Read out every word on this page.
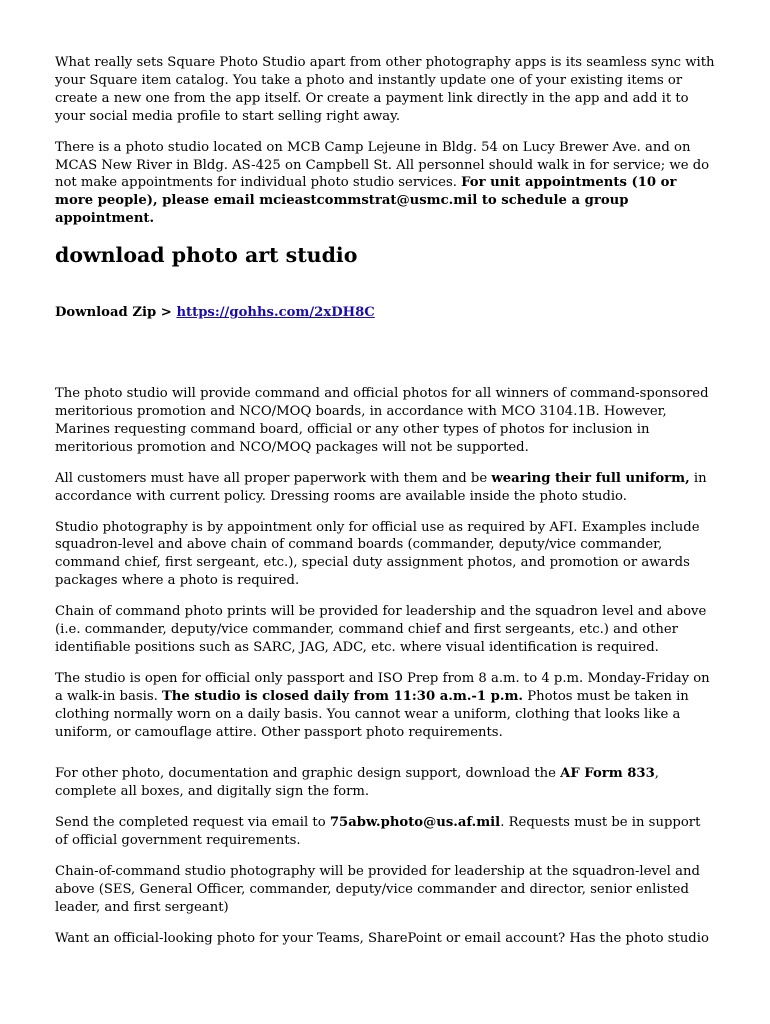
What really sets Square Photo Studio apart from other photography apps is its seamless sync with your Square item catalog. You take a photo and instantly update one of your existing items or create a new one from the app itself. Or create a payment link directly in the app and add it to your social media profile to start selling right away.

There is a photo studio located on MCB Camp Lejeune in Bldg. 54 on Lucy Brewer Ave. and on MCAS New River in Bldg. AS-425 on Campbell St. All personnel should walk in for service; we do not make appointments for individual photo studio services. For unit appointments (10 or more people), please email mcieastcommstrat@usmc.mil to schedule a group appointment.

download photo art studio

Download Zip > https://gohhs.com/2xDH8C

The photo studio will provide command and official photos for all winners of command-sponsored meritorious promotion and NCO/MOQ boards, in accordance with MCO 3104.1B. However, Marines requesting command board, official or any other types of photos for inclusion in meritorious promotion and NCO/MOQ packages will not be supported.

All customers must have all proper paperwork with them and be wearing their full uniform, in accordance with current policy. Dressing rooms are available inside the photo studio.

Studio photography is by appointment only for official use as required by AFI. Examples include squadron-level and above chain of command boards (commander, deputy/vice commander, command chief, first sergeant, etc.), special duty assignment photos, and promotion or awards packages where a photo is required.

Chain of command photo prints will be provided for leadership and the squadron level and above (i.e. commander, deputy/vice commander, command chief and first sergeants, etc.) and other identifiable positions such as SARC, JAG, ADC, etc. where visual identification is required.

The studio is open for official only passport and ISO Prep from 8 a.m. to 4 p.m. Monday-Friday on a walk-in basis. The studio is closed daily from 11:30 a.m.-1 p.m. Photos must be taken in clothing normally worn on a daily basis. You cannot wear a uniform, clothing that looks like a uniform, or camouflage attire. Other passport photo requirements.

For other photo, documentation and graphic design support, download the AF Form 833, complete all boxes, and digitally sign the form.

Send the completed request via email to 75abw.photo@us.af.mil. Requests must be in support of official government requirements.

Chain-of-command studio photography will be provided for leadership at the squadron-level and above (SES, General Officer, commander, deputy/vice commander and director, senior enlisted leader, and first sergeant)

Want an official-looking photo for your Teams, SharePoint or email account? Has the photo studio
